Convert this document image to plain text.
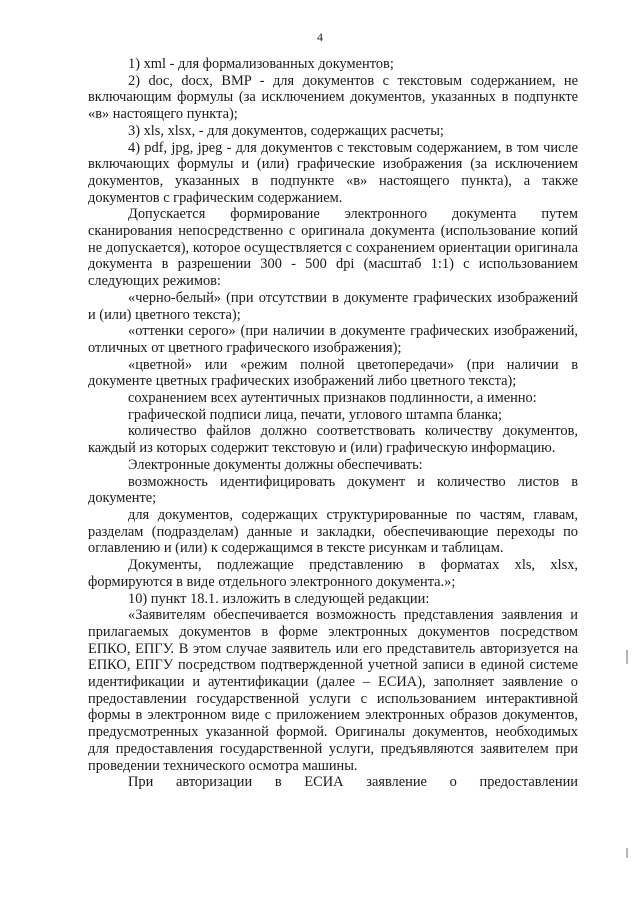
4

1) xml - для формализованных документов;

2) doc, docx, BMP - для документов с текстовым содержанием, не включающим формулы (за исключением документов, указанных в подпункте «в» настоящего пункта);

3) xls, xlsx, - для документов, содержащих расчеты;

4) pdf, jpg, jpeg - для документов с текстовым содержанием, в том числе включающих формулы и (или) графические изображения (за исключением документов, указанных в подпункте «в» настоящего пункта), а также документов с графическим содержанием.

Допускается формирование электронного документа путем сканирования непосредственно с оригинала документа (использование копий не допускается), которое осуществляется с сохранением ориентации оригинала документа в разрешении 300 - 500 dpi (масштаб 1:1) с использованием следующих режимов:

«черно-белый» (при отсутствии в документе графических изображений и (или) цветного текста);

«оттенки серого» (при наличии в документе графических изображений, отличных от цветного графического изображения);

«цветной» или «режим полной цветопередачи» (при наличии в документе цветных графических изображений либо цветного текста);

сохранением всех аутентичных признаков подлинности, а именно:

графической подписи лица, печати, углового штампа бланка;

количество файлов должно соответствовать количеству документов, каждый из которых содержит текстовую и (или) графическую информацию.

Электронные документы должны обеспечивать:

возможность идентифицировать документ и количество листов в документе;

для документов, содержащих структурированные по частям, главам, разделам (подразделам) данные и закладки, обеспечивающие переходы по оглавлению и (или) к содержащимся в тексте рисункам и таблицам.

Документы, подлежащие представлению в форматах xls, xlsx, формируются в виде отдельного электронного документа.»;

10) пункт 18.1. изложить в следующей редакции:

«Заявителям обеспечивается возможность представления заявления и прилагаемых документов в форме электронных документов посредством ЕПКО, ЕПГУ. В этом случае заявитель или его представитель авторизуется на ЕПКО, ЕПГУ посредством подтвержденной учетной записи в единой системе идентификации и аутентификации (далее – ЕСИА), заполняет заявление о предоставлении государственной услуги с использованием интерактивной формы в электронном виде с приложением электронных образов документов, предусмотренных указанной формой. Оригиналы документов, необходимых для предоставления государственной услуги, предъявляются заявителем при проведении технического осмотра машины.

При авторизации в ЕСИА заявление о предоставлении
